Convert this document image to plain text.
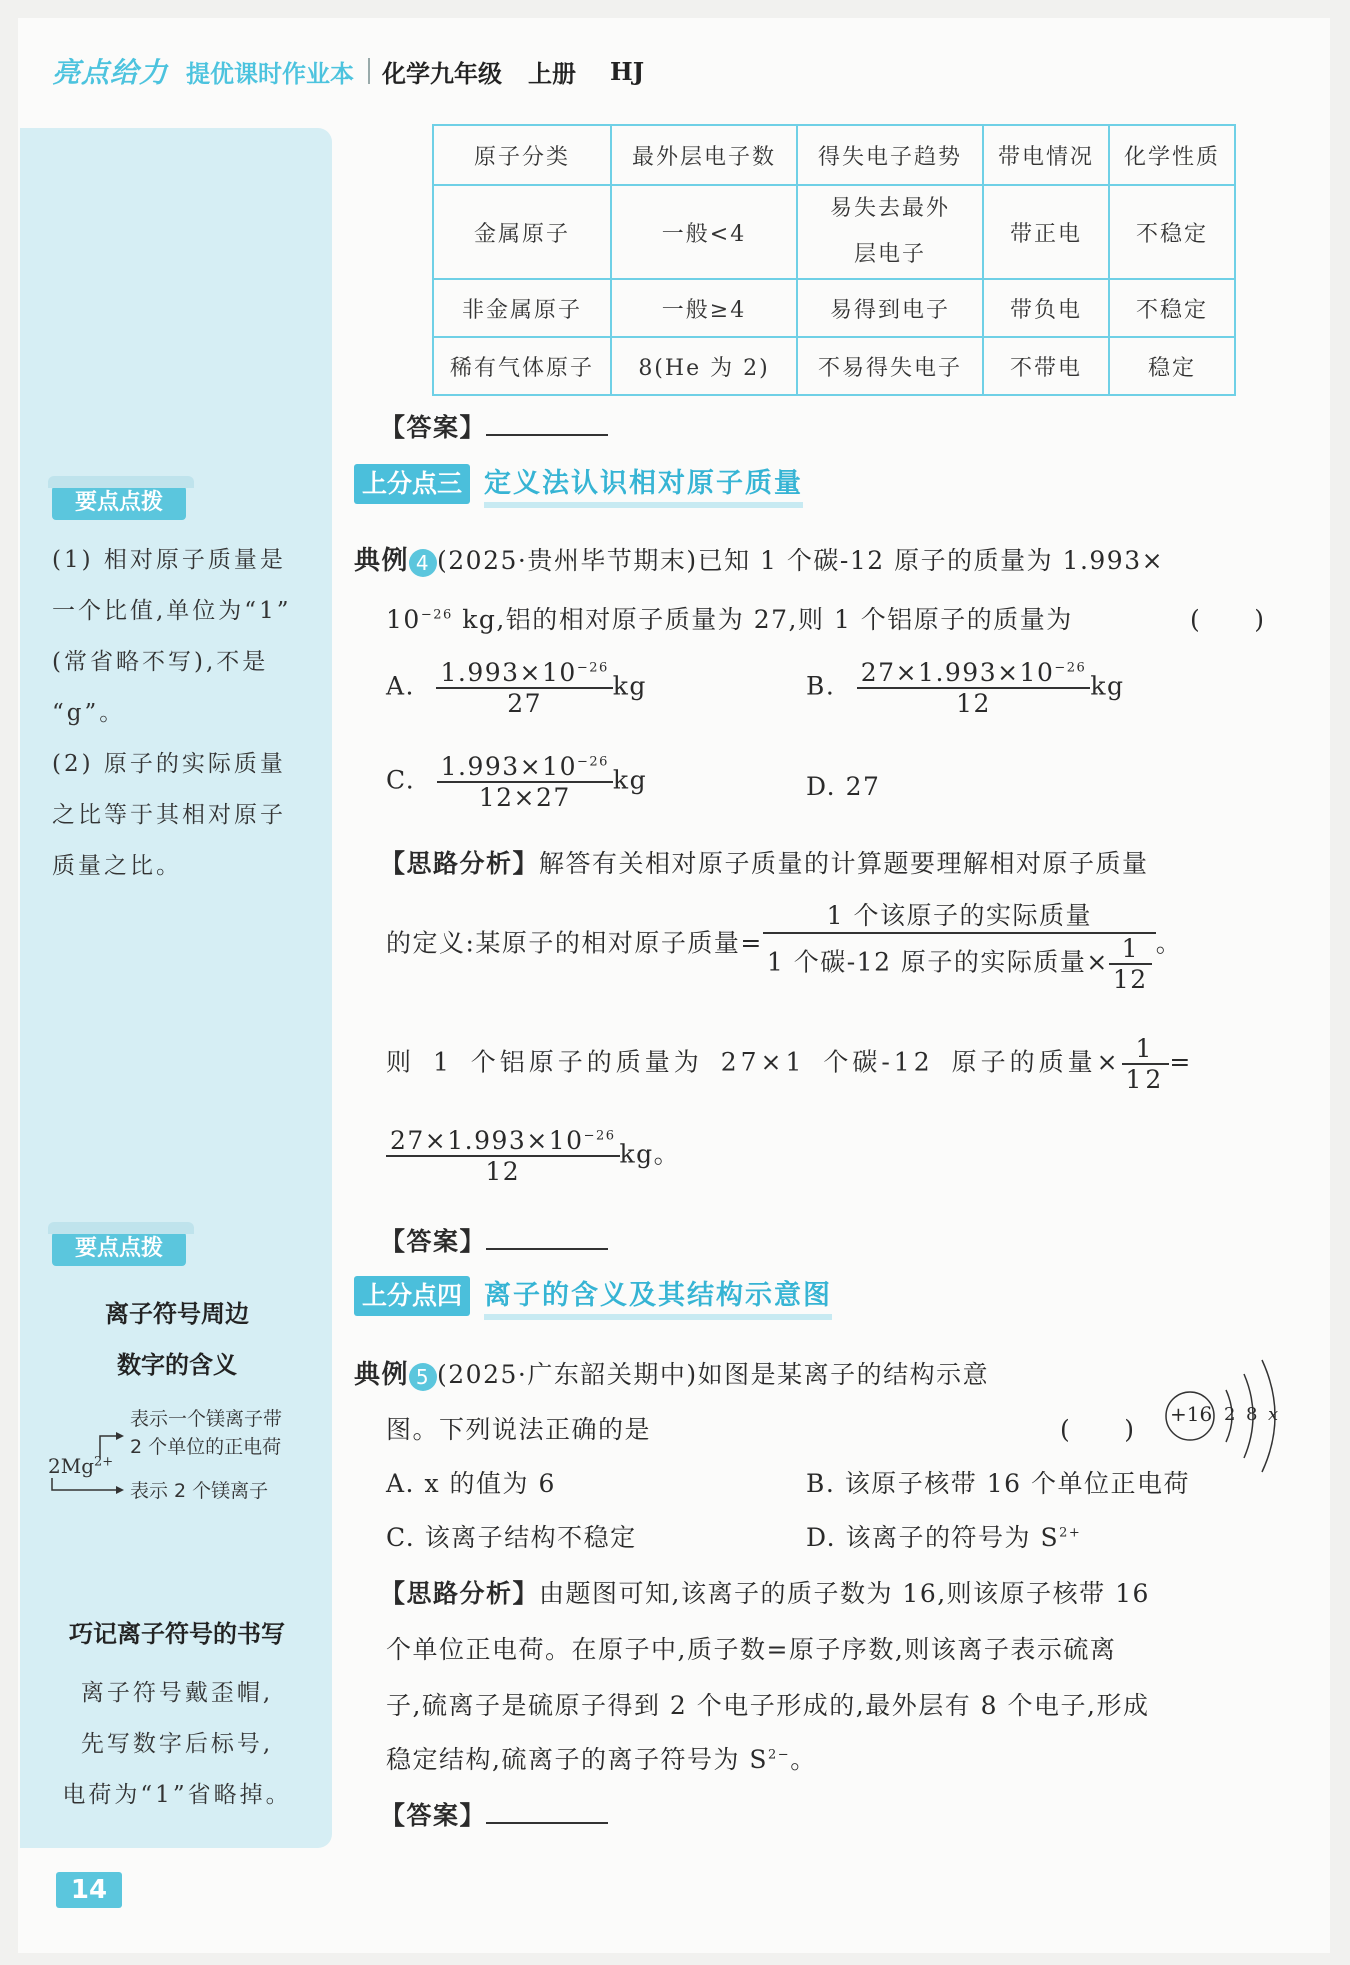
亮点给力 提优课时作业本 化学九年级 上册 HJ
要点点拨
(1) 相对原子质量是
一个比值,单位为“1”
(常省略不写),不是
“g”。
(2) 原子的实际质量
之比等于其相对原子
质量之比。
要点点拨
离子符号周边
数字的含义
表示一个镁离子带
2 个单位的正电荷
$2Mg^{2+}$
表示 2 个镁离子
巧记离子符号的书写
离子符号戴歪帽,
先写数字后标号,
电荷为“1”省略掉。
原子分类	最外层电子数	得失电子趋势	带电情况	化学性质
金属原子	一般<4	易失去最外层电子	带正电	不稳定
非金属原子	一般≥4	易得到电子	带负电	不稳定
稀有气体原子	8(He 为 2)	不易得失电子	不带电	稳定
【答案】
上分点三 定义法认识相对原子质量
典例 4 (2025·贵州毕节期末)已知 1 个碳-12 原子的质量为 1.993×
$10^{-26}$ kg,铝的相对原子质量为 27,则 1 个铝原子的质量为	(　　)
A. $\frac{1.993\times 10^{-26}}{27}$ kg	B. $\frac{27\times 1.993\times 10^{-26}}{12}$ kg
C. $\frac{1.993\times 10^{-26}}{12\times 27}$ kg	D. 27
【思路分析】解答有关相对原子质量的计算题要理解相对原子质量
的定义:某原子的相对原子质量= $\frac{\text{1 个该原子的实际质量}}{1 个碳-12 原子的实际质量\times \frac{1}{12}}$ 。
则 1 个铝原子的质量为 27×1 个碳-12 原子的质量× $\frac{1}{12}$ =
$\frac{27\times 1.993\times 10^{-26}}{12}$ kg。
【答案】
上分点四 离子的含义及其结构示意图
典例 5 (2025·广东韶关期中)如图是某离子的结构示意
图。下列说法正确的是	(　　)
+16 2 8 x
A. x 的值为 6	B. 该原子核带 16 个单位正电荷
C. 该离子结构不稳定	D. 该离子的符号为 $S^{2+}$
【思路分析】由题图可知,该离子的质子数为 16,则该原子核带 16
个单位正电荷。在原子中,质子数=原子序数,则该离子表示硫离
子,硫离子是硫原子得到 2 个电子形成的,最外层有 8 个电子,形成
稳定结构,硫离子的离子符号为 $S^{2-}$。
【答案】
14
